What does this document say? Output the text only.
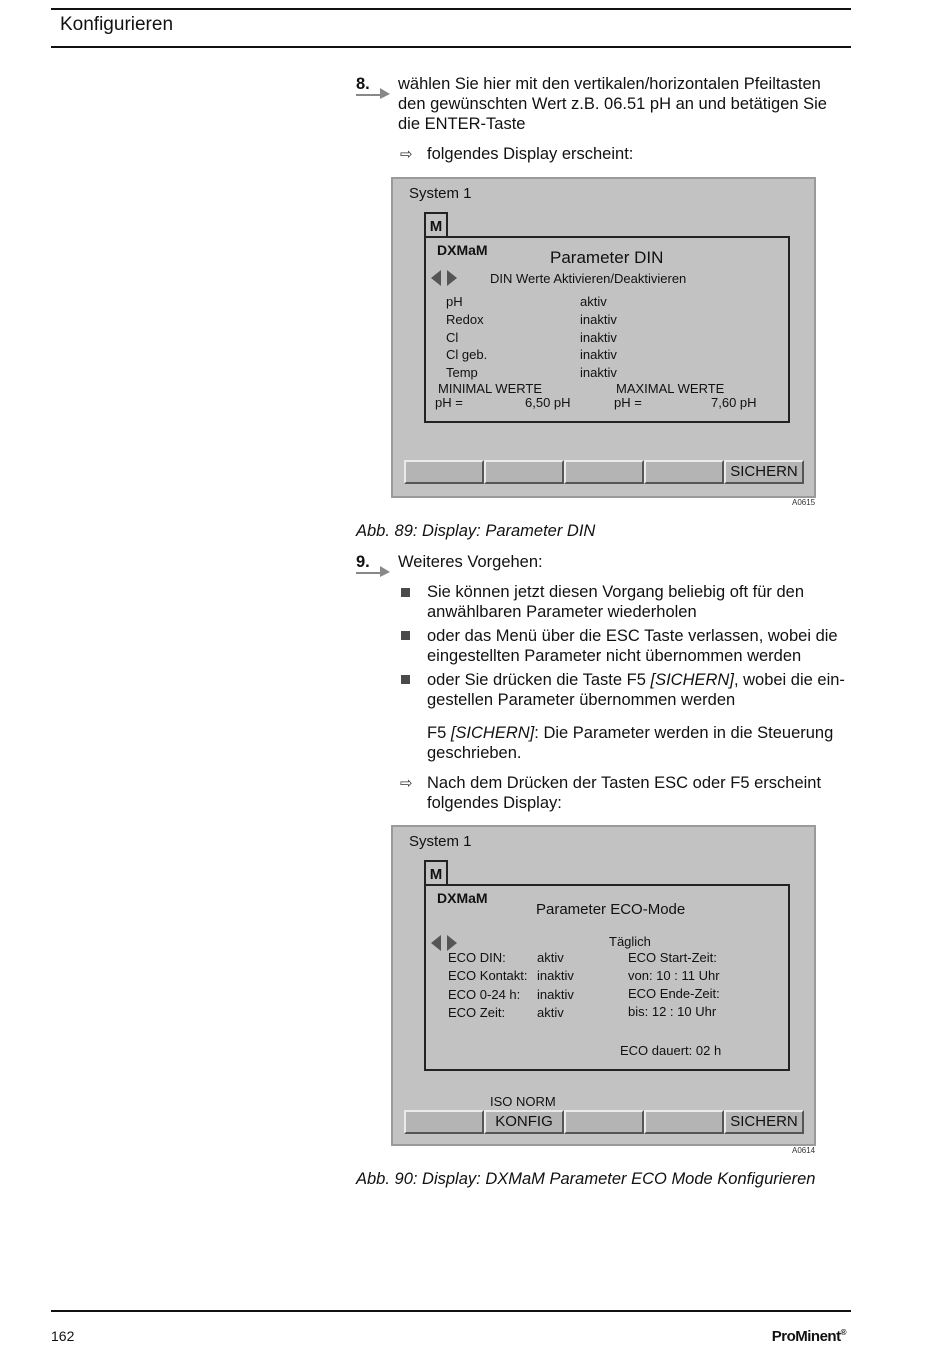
Konfigurieren
8. wählen Sie hier mit den vertikalen/horizontalen Pfeiltasten
den gewünschten Wert z.B. 06.51 pH an und betätigen Sie
die ENTER-Taste
⇨ folgendes Display erscheint:
System 1
M
DXMaM	Parameter DIN
DIN Werte Aktivieren/Deaktivieren
pH	aktiv
Redox	inaktiv
Cl	inaktiv
Cl geb.	inaktiv
Temp	inaktiv
MINIMAL WERTE	MAXIMAL WERTE
pH =	6,50 pH	pH =	7,60 pH
SICHERN
A0615
Abb. 89: Display: Parameter DIN
9. Weiteres Vorgehen:
Sie können jetzt diesen Vorgang beliebig oft für den
anwählbaren Parameter wiederholen
oder das Menü über die ESC Taste verlassen, wobei die
eingestellten Parameter nicht übernommen werden
oder Sie drücken die Taste F5 [SICHERN], wobei die ein-
gestellen Parameter übernommen werden
F5 [SICHERN]: Die Parameter werden in die Steuerung
geschrieben.
⇨ Nach dem Drücken der Tasten ESC oder F5 erscheint
folgendes Display:
System 1
M
DXMaM
Parameter ECO-Mode
Täglich
ECO DIN: aktiv
ECO Kontakt: inaktiv
ECO 0-24 h: inaktiv
ECO Zeit: aktiv
ECO Start-Zeit:
von: 10 : 11 Uhr
ECO Ende-Zeit:
bis: 12 : 10 Uhr
ECO dauert: 02 h
ISO NORM
KONFIG	SICHERN
A0614
Abb. 90: Display: DXMaM Parameter ECO Mode Konfigurieren
162	ProMinent®
